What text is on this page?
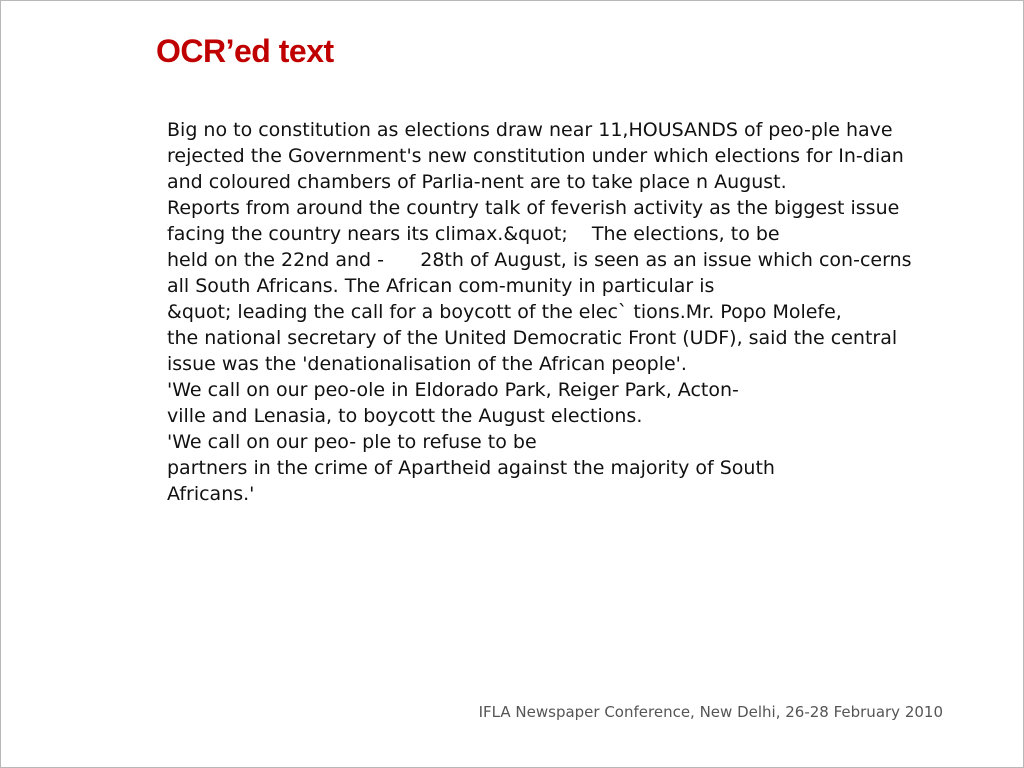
OCR’ed text
Big no to constitution as elections draw near 11,HOUSANDS of peo-ple have
rejected the Government's new constitution under which elections for In-dian
and coloured chambers of Parlia-nent are to take place n August.
Reports from around the country talk of feverish activity as the biggest issue
facing the country nears its climax.&quot;    The elections, to be
held on the 22nd and -      28th of August, is seen as an issue which con-cerns
all South Africans. The African com-munity in particular is
&quot; leading the call for a boycott of the elec` tions.Mr. Popo Molefe,
the national secretary of the United Democratic Front (UDF), said the central
issue was the 'denationalisation of the African people'.
'We call on our peo-ole in Eldorado Park, Reiger Park, Acton-
ville and Lenasia, to boycott the August elections.
'We call on our peo- ple to refuse to be
partners in the crime of Apartheid against the majority of South
Africans.'

IFLA Newspaper Conference, New Delhi, 26-28 February 2010
